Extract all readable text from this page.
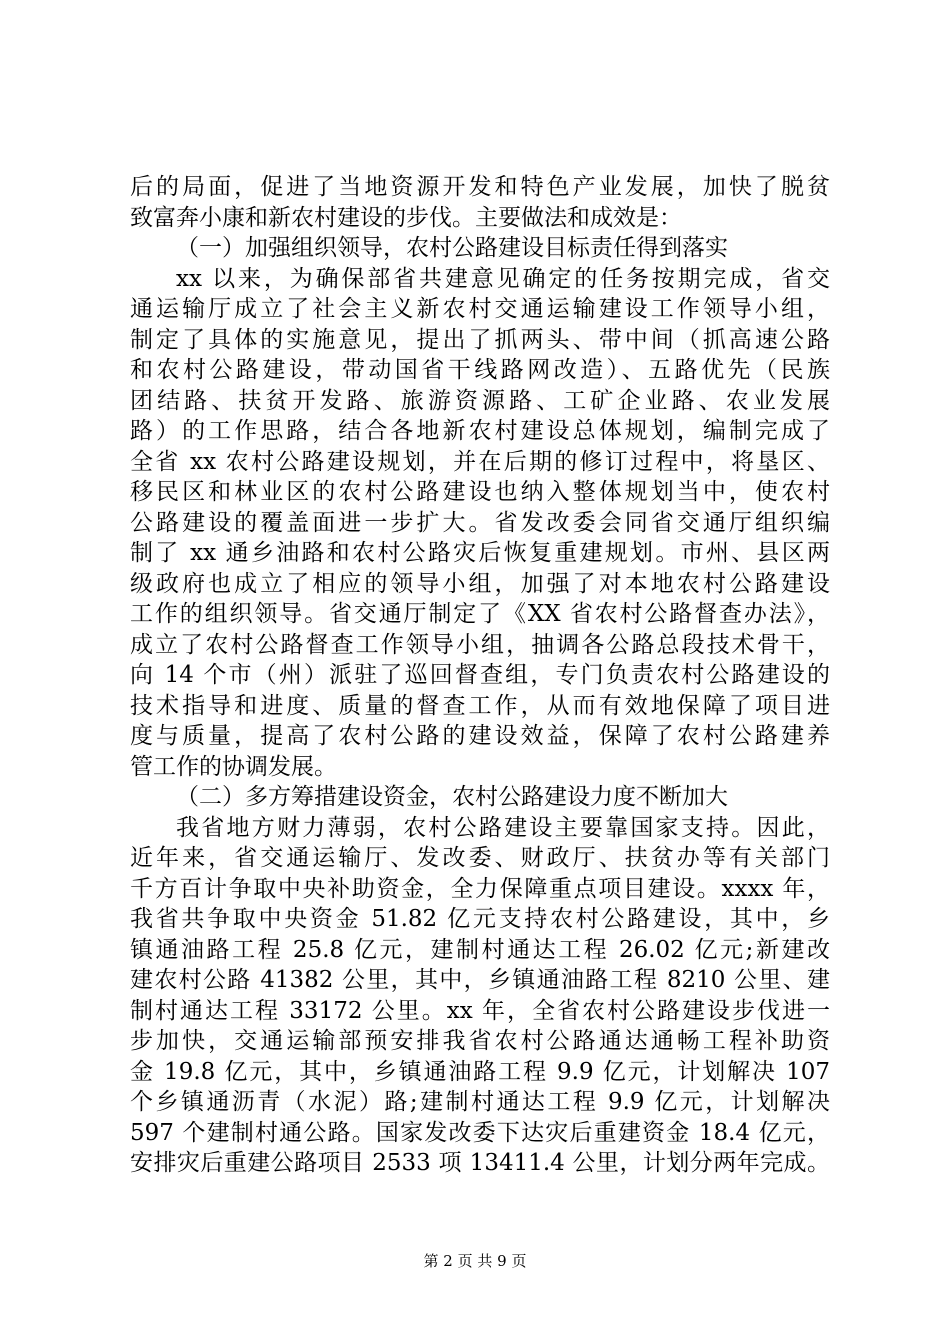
后的局面，促进了当地资源开发和特色产业发展，加快了脱贫
致富奔小康和新农村建设的步伐。主要做法和成效是：
（一）加强组织领导，农村公路建设目标责任得到落实
xx 以来，为确保部省共建意见确定的任务按期完成，省交
通运输厅成立了社会主义新农村交通运输建设工作领导小组，
制定了具体的实施意见，提出了抓两头、带中间（抓高速公路
和农村公路建设，带动国省干线路网改造）、五路优先（民族
团结路、扶贫开发路、旅游资源路、工矿企业路、农业发展
路）的工作思路，结合各地新农村建设总体规划，编制完成了
全省 xx 农村公路建设规划，并在后期的修订过程中，将垦区、
移民区和林业区的农村公路建设也纳入整体规划当中，使农村
公路建设的覆盖面进一步扩大。省发改委会同省交通厅组织编
制了 xx 通乡油路和农村公路灾后恢复重建规划。市州、县区两
级政府也成立了相应的领导小组，加强了对本地农村公路建设
工作的组织领导。省交通厅制定了《XX 省农村公路督查办法》，
成立了农村公路督查工作领导小组，抽调各公路总段技术骨干，
向 14 个市（州）派驻了巡回督查组，专门负责农村公路建设的
技术指导和进度、质量的督查工作，从而有效地保障了项目进
度与质量，提高了农村公路的建设效益，保障了农村公路建养
管工作的协调发展。
（二）多方筹措建设资金，农村公路建设力度不断加大
我省地方财力薄弱，农村公路建设主要靠国家支持。因此，
近年来，省交通运输厅、发改委、财政厅、扶贫办等有关部门
千方百计争取中央补助资金，全力保障重点项目建设。xxxx 年，
我省共争取中央资金 51.82 亿元支持农村公路建设，其中，乡
镇通油路工程 25.8 亿元，建制村通达工程 26.02 亿元;新建改
建农村公路 41382 公里，其中，乡镇通油路工程 8210 公里、建
制村通达工程 33172 公里。xx 年，全省农村公路建设步伐进一
步加快，交通运输部预安排我省农村公路通达通畅工程补助资
金 19.8 亿元，其中，乡镇通油路工程 9.9 亿元，计划解决 107
个乡镇通沥青（水泥）路;建制村通达工程 9.9 亿元，计划解决
597 个建制村通公路。国家发改委下达灾后重建资金 18.4 亿元，
安排灾后重建公路项目 2533 项 13411.4 公里，计划分两年完成。
第 2 页 共 9 页
